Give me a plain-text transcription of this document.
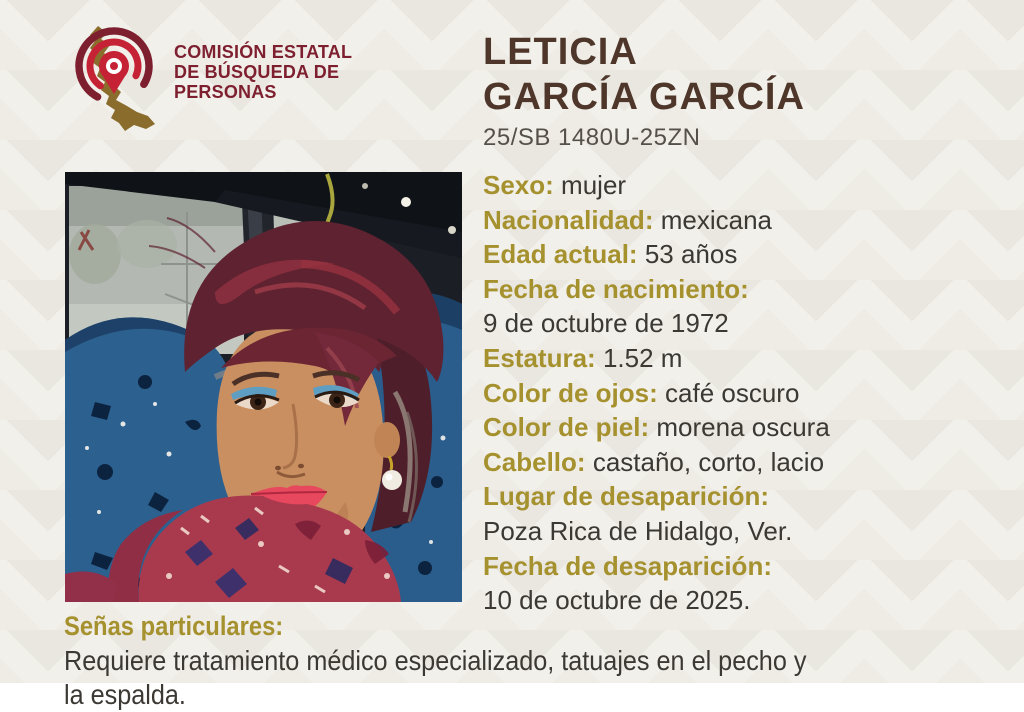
COMISIÓN ESTATAL
DE BÚSQUEDA DE
PERSONAS
LETICIA
GARCÍA GARCÍA
25/SB 1480U-25ZN
Sexo: mujer
Nacionalidad: mexicana
Edad actual: 53 años
Fecha de nacimiento:
9 de octubre de 1972
Estatura: 1.52 m
Color de ojos: café oscuro
Color de piel: morena oscura
Cabello: castaño, corto, lacio
Lugar de desaparición:
Poza Rica de Hidalgo, Ver.
Fecha de desaparición:
10 de octubre de 2025.
Señas particulares:
Requiere tratamiento médico especializado, tatuajes en el pecho y
la espalda.
